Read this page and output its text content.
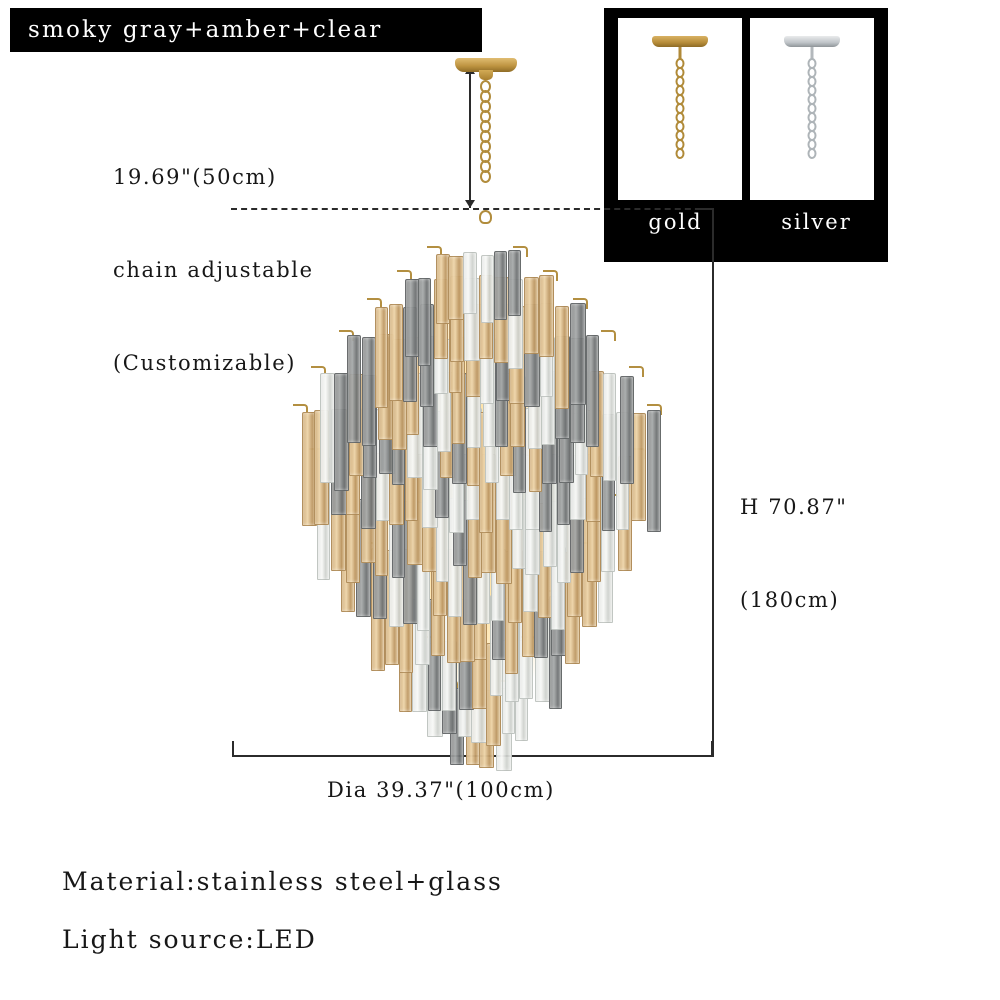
smoky gray+amber+clear
gold	silver

19.69"(50cm)

chain adjustable

(Customizable)

H 70.87"

(180cm)

Dia 39.37"(100cm)
Material:stainless steel+glass
Light source:LED
